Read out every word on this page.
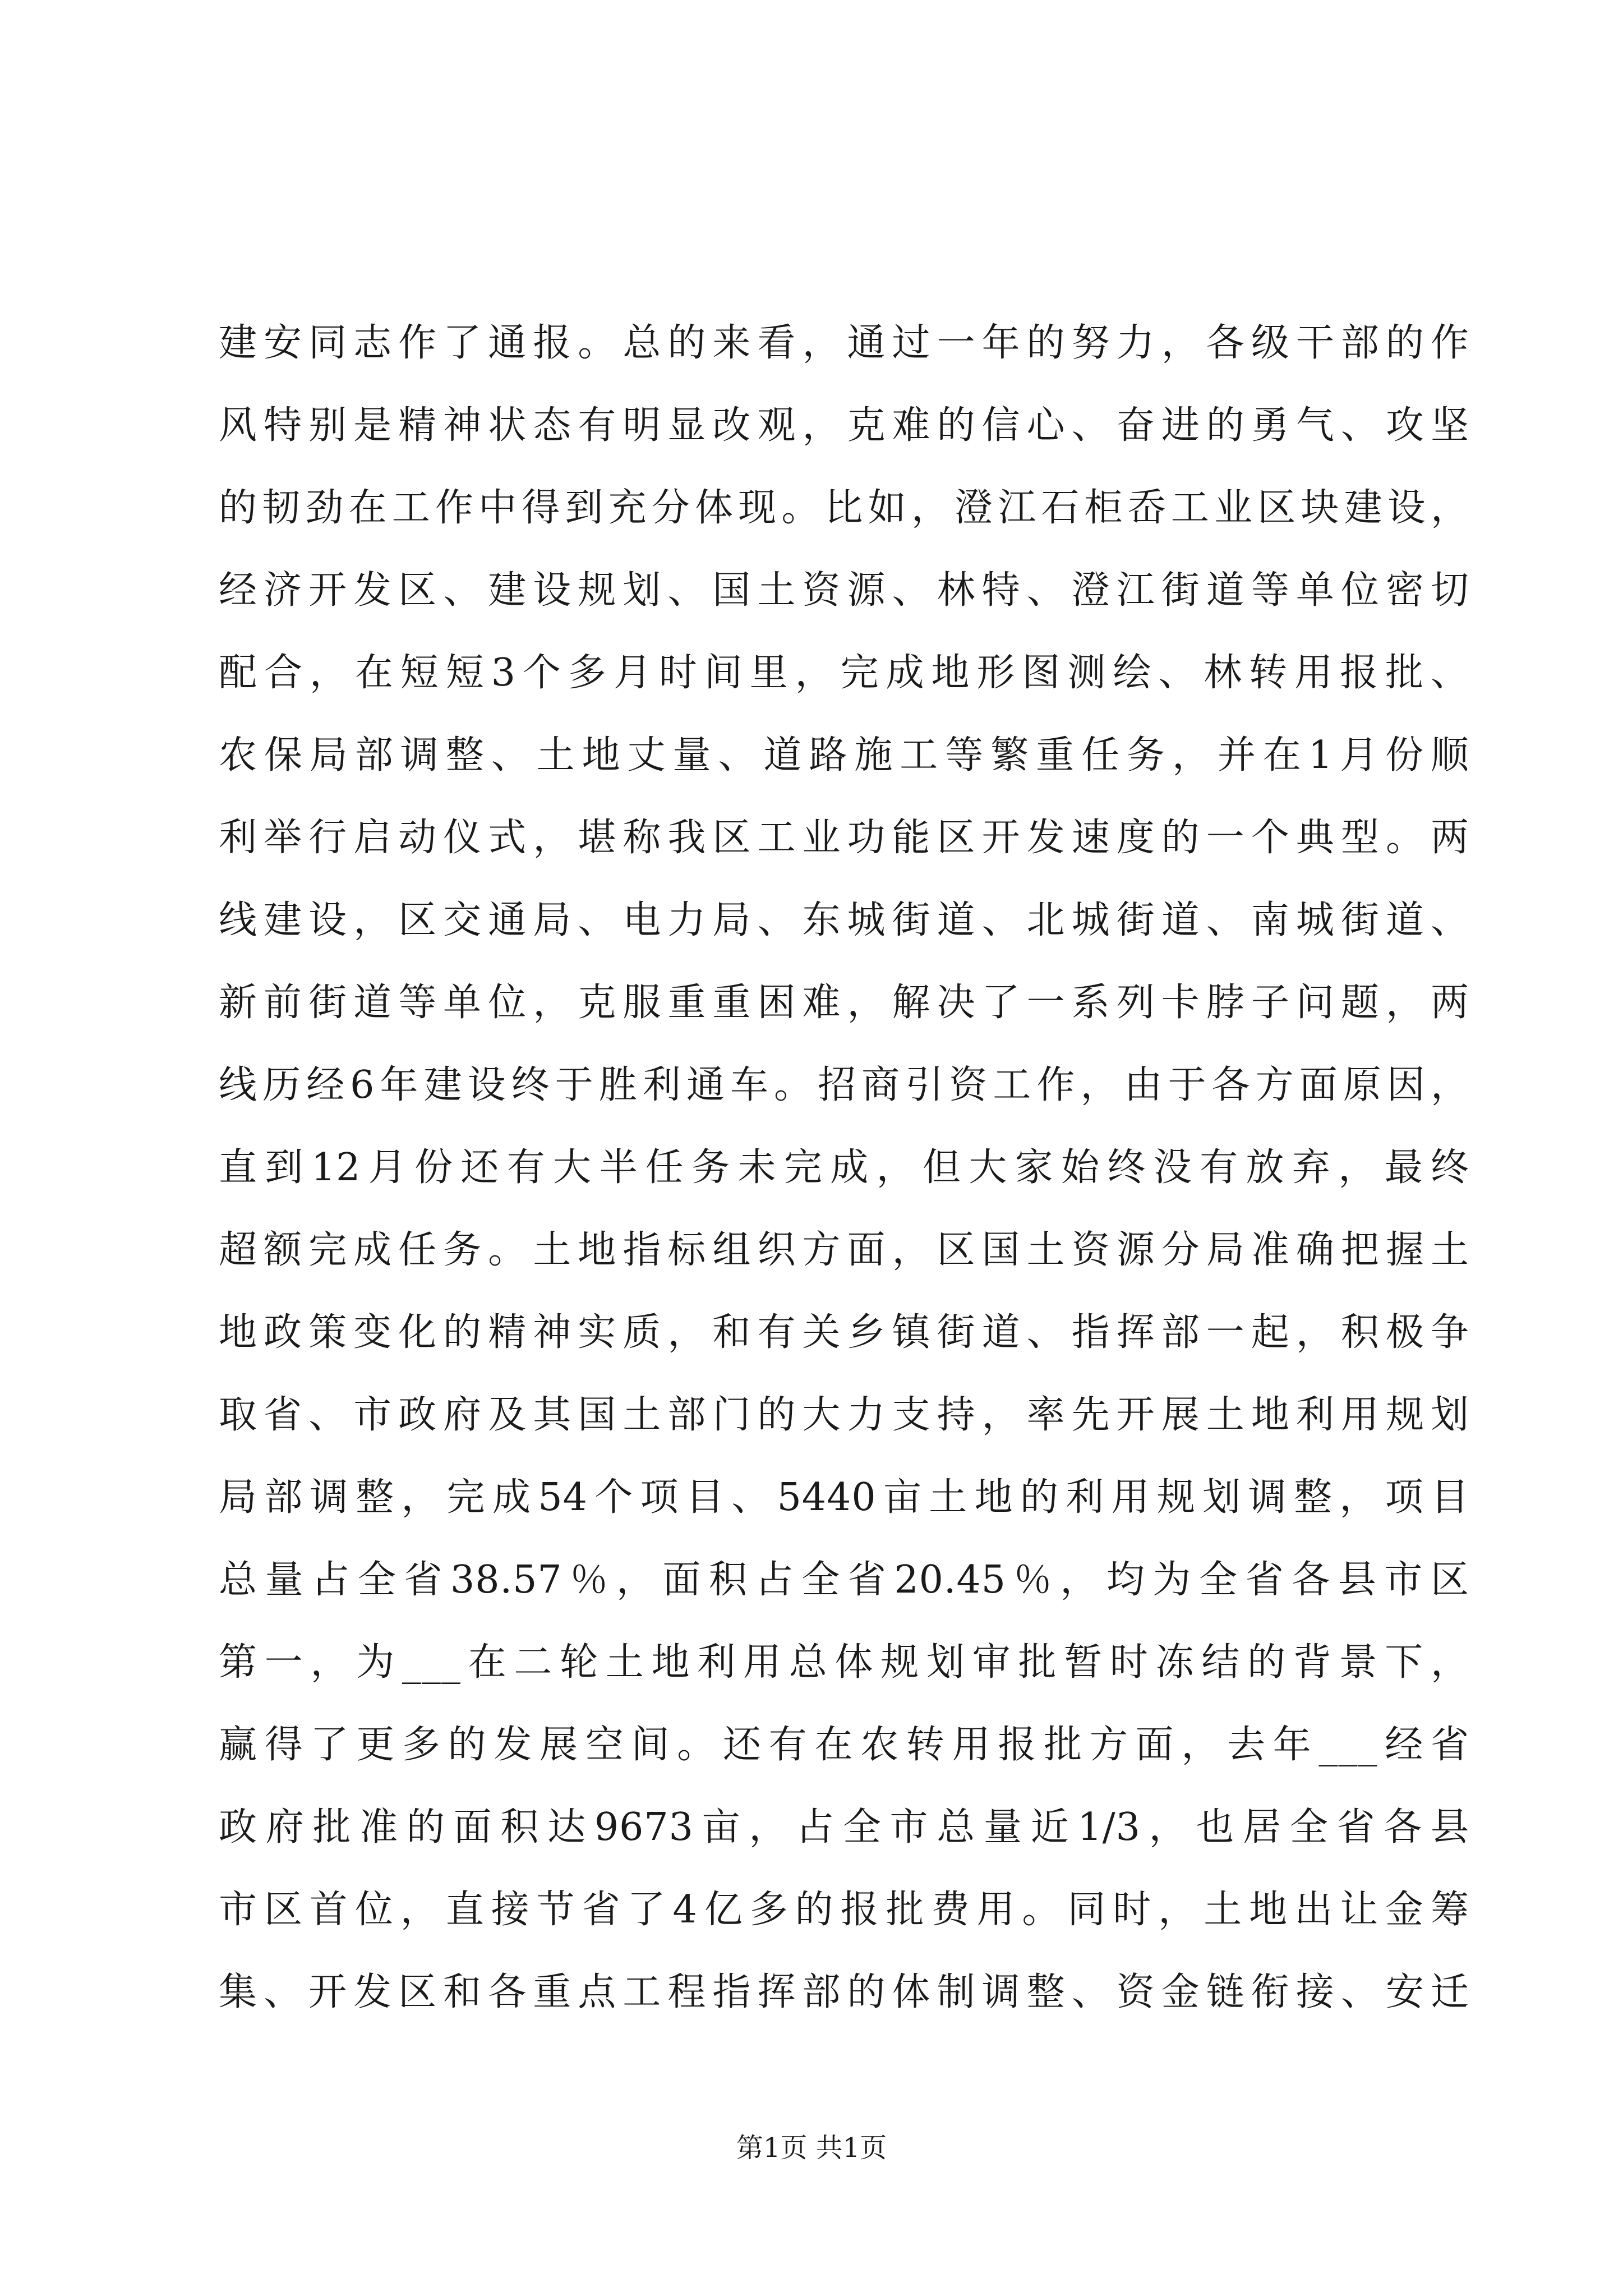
建安同志作了通报。总的来看，通过一年的努力，各级干部的作
风特别是精神状态有明显改观，克难的信心、奋进的勇气、攻坚
的韧劲在工作中得到充分体现。比如，澄江石柜岙工业区块建设，
经济开发区、建设规划、国土资源、林特、澄江街道等单位密切
配合，在短短3个多月时间里，完成地形图测绘、林转用报批、
农保局部调整、土地丈量、道路施工等繁重任务，并在1月份顺
利举行启动仪式，堪称我区工业功能区开发速度的一个典型。两
线建设，区交通局、电力局、东城街道、北城街道、南城街道、
新前街道等单位，克服重重困难，解决了一系列卡脖子问题，两
线历经6年建设终于胜利通车。招商引资工作，由于各方面原因，
直到12月份还有大半任务未完成，但大家始终没有放弃，最终
超额完成任务。土地指标组织方面，区国土资源分局准确把握土
地政策变化的精神实质，和有关乡镇街道、指挥部一起，积极争
取省、市政府及其国土部门的大力支持，率先开展土地利用规划
局部调整，完成54个项目、5440亩土地的利用规划调整，项目
总量占全省38.57％，面积占全省20.45％，均为全省各县市区
第一，为___在二轮土地利用总体规划审批暂时冻结的背景下，
赢得了更多的发展空间。还有在农转用报批方面，去年___经省
政府批准的面积达9673亩，占全市总量近1/3，也居全省各县
市区首位，直接节省了4亿多的报批费用。同时，土地出让金筹
集、开发区和各重点工程指挥部的体制调整、资金链衔接、安迁
第1页 共1页
